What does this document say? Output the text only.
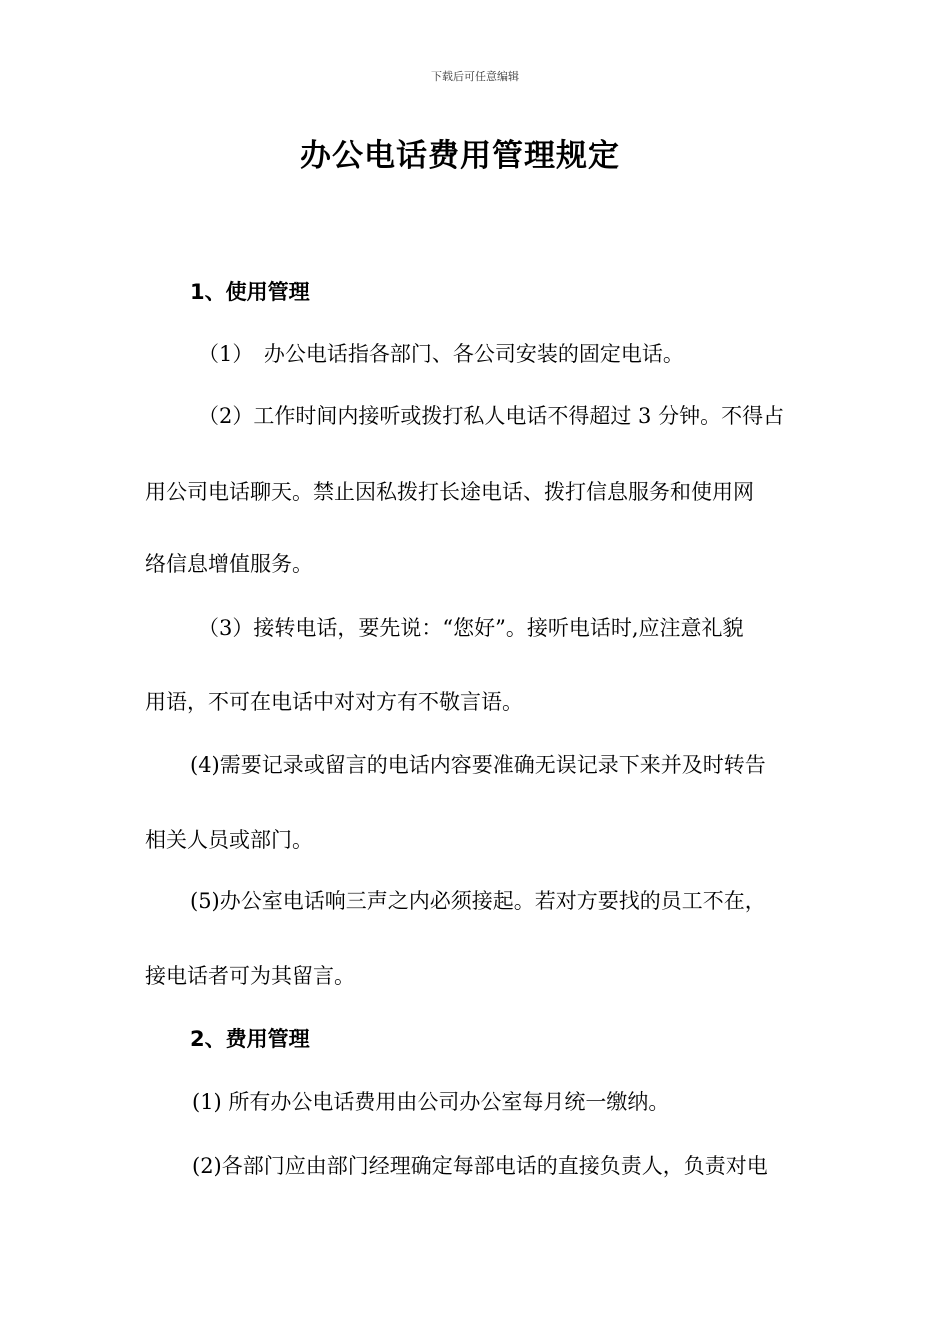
下载后可任意编辑
办公电话费用管理规定
1、使用管理
（1）　办公电话指各部门、各公司安装的固定电话。
（2）工作时间内接听或拨打私人电话不得超过 3 分钟。不得占
用公司电话聊天。禁止因私拨打长途电话、拨打信息服务和使用网
络信息增值服务。
（3）接转电话，要先说：“您好”。接听电话时,应注意礼貌
用语，不可在电话中对对方有不敬言语。
(4)需要记录或留言的电话内容要准确无误记录下来并及时转告
相关人员或部门。
(5)办公室电话响三声之内必须接起。若对方要找的员工不在，
接电话者可为其留言。
2、费用管理
(1) 所有办公电话费用由公司办公室每月统一缴纳。
(2)各部门应由部门经理确定每部电话的直接负责人，负责对电
